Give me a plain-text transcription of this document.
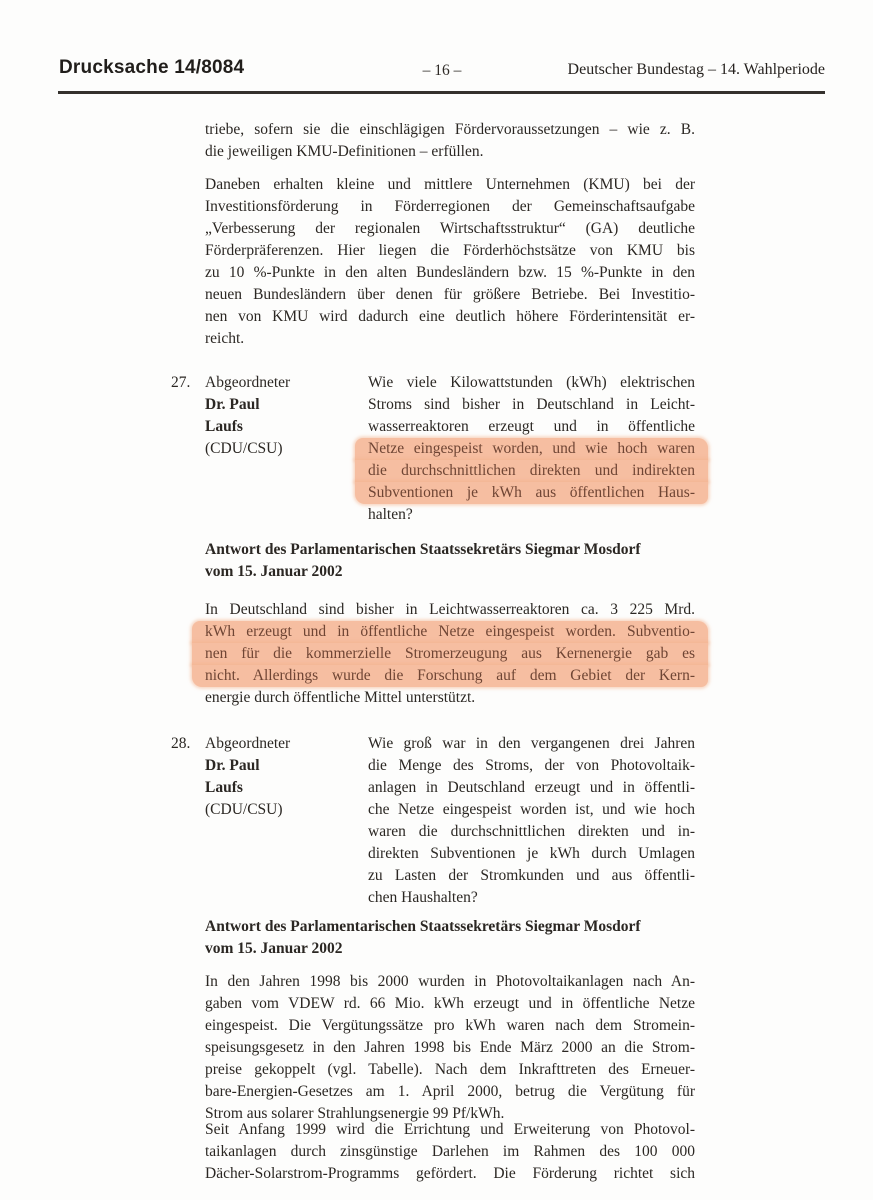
Drucksache 14/8084	– 16 –	Deutscher Bundestag – 14. Wahlperiode
triebe, sofern sie die einschlägigen Fördervoraussetzungen – wie z. B.
die jeweiligen KMU-Definitionen – erfüllen.
Daneben erhalten kleine und mittlere Unternehmen (KMU) bei der
Investitionsförderung in Förderregionen der Gemeinschaftsaufgabe
„Verbesserung der regionalen Wirtschaftsstruktur“ (GA) deutliche
Förderpräferenzen. Hier liegen die Förderhöchstsätze von KMU bis
zu 10 %-Punkte in den alten Bundesländern bzw. 15 %-Punkte in den
neuen Bundesländern über denen für größere Betriebe. Bei Investitio-
nen von KMU wird dadurch eine deutlich höhere Förderintensität er-
reicht.
27. Abgeordneter
Dr. Paul
Laufs
(CDU/CSU)
Wie viele Kilowattstunden (kWh) elektrischen
Stroms sind bisher in Deutschland in Leicht-
wasserreaktoren erzeugt und in öffentliche
Netze eingespeist worden, und wie hoch waren
die durchschnittlichen direkten und indirekten
Subventionen je kWh aus öffentlichen Haus-
halten?
Antwort des Parlamentarischen Staatssekretärs Siegmar Mosdorf
vom 15. Januar 2002
In Deutschland sind bisher in Leichtwasserreaktoren ca. 3 225 Mrd.
kWh erzeugt und in öffentliche Netze eingespeist worden. Subventio-
nen für die kommerzielle Stromerzeugung aus Kernenergie gab es
nicht. Allerdings wurde die Forschung auf dem Gebiet der Kern-
energie durch öffentliche Mittel unterstützt.
28. Abgeordneter
Dr. Paul
Laufs
(CDU/CSU)
Wie groß war in den vergangenen drei Jahren
die Menge des Stroms, der von Photovoltaik-
anlagen in Deutschland erzeugt und in öffentli-
che Netze eingespeist worden ist, und wie hoch
waren die durchschnittlichen direkten und in-
direkten Subventionen je kWh durch Umlagen
zu Lasten der Stromkunden und aus öffentli-
chen Haushalten?
Antwort des Parlamentarischen Staatssekretärs Siegmar Mosdorf
vom 15. Januar 2002
In den Jahren 1998 bis 2000 wurden in Photovoltaikanlagen nach An-
gaben vom VDEW rd. 66 Mio. kWh erzeugt und in öffentliche Netze
eingespeist. Die Vergütungssätze pro kWh waren nach dem Stromein-
speisungsgesetz in den Jahren 1998 bis Ende März 2000 an die Strom-
preise gekoppelt (vgl. Tabelle). Nach dem Inkrafttreten des Erneuer-
bare-Energien-Gesetzes am 1. April 2000, betrug die Vergütung für
Strom aus solarer Strahlungsenergie 99 Pf/kWh.
Seit Anfang 1999 wird die Errichtung und Erweiterung von Photovol-
taikanlagen durch zinsgünstige Darlehen im Rahmen des 100 000
Dächer-Solarstrom-Programms gefördert. Die Förderung richtet sich
